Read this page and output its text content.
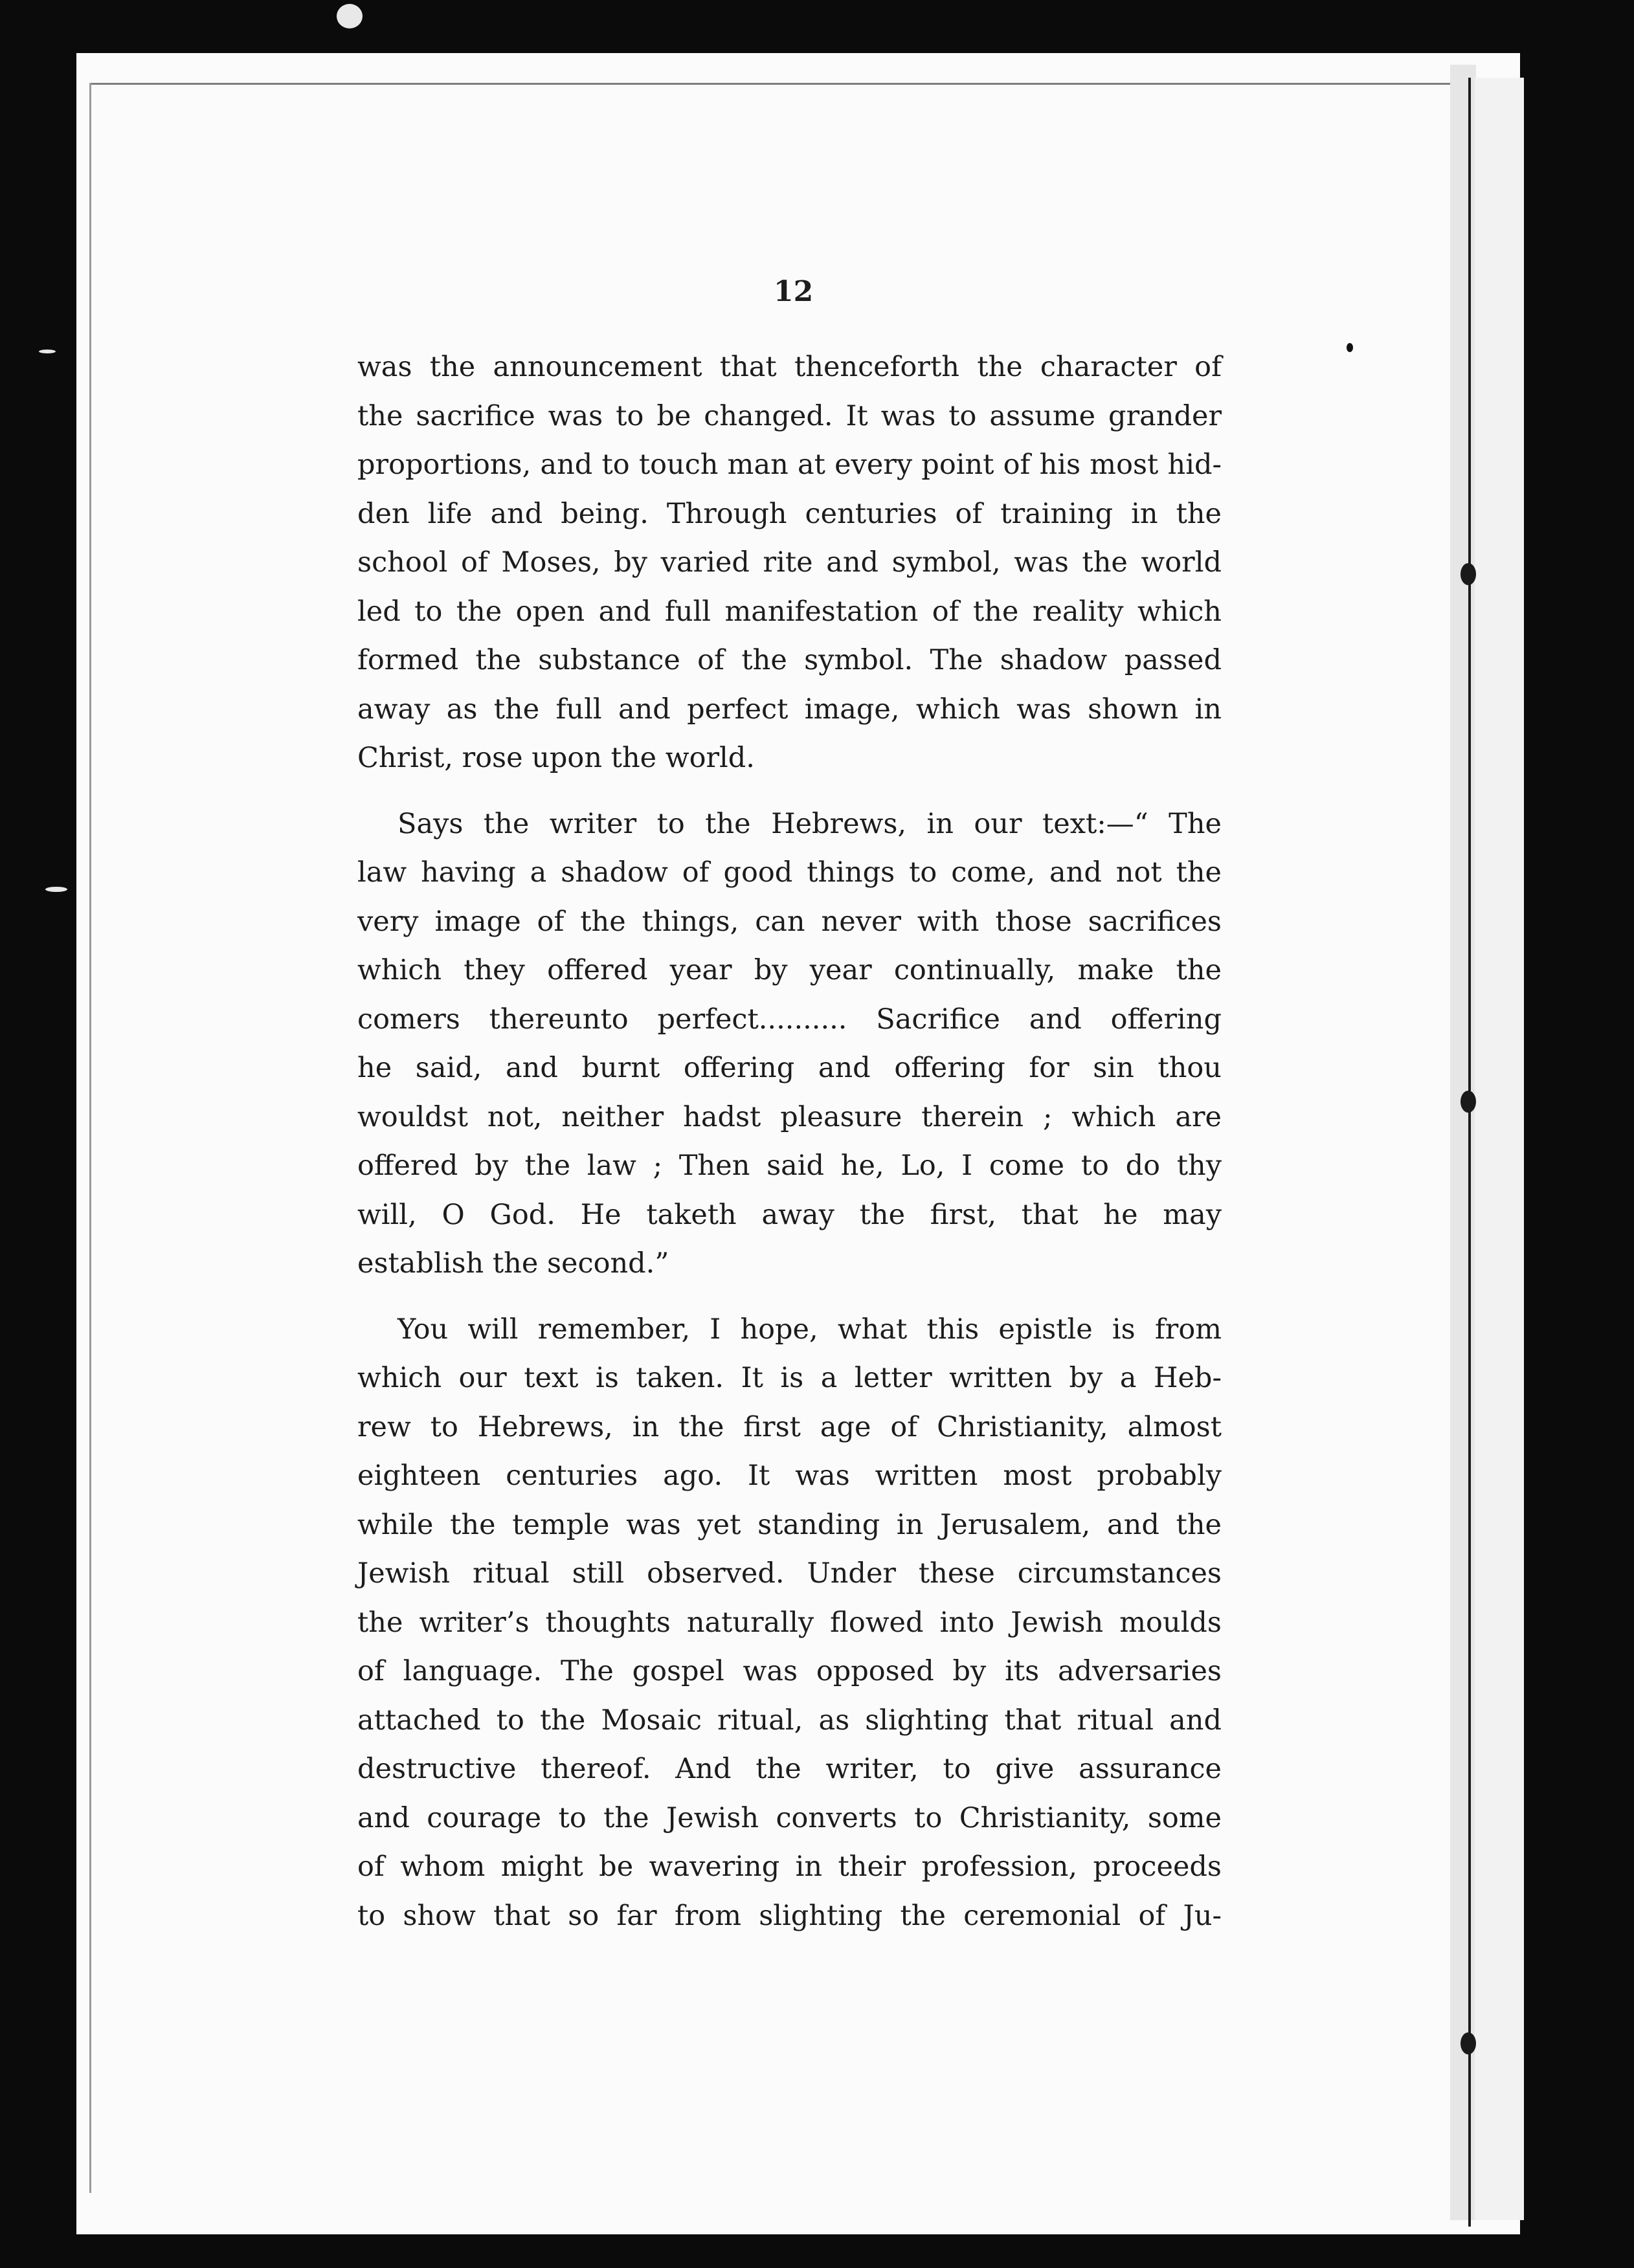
12
was the announcement that thenceforth the character of
the sacrifice was to be changed. It was to assume grander
proportions, and to touch man at every point of his most hid-
den life and being. Through centuries of training in the
school of Moses, by varied rite and symbol, was the world
led to the open and full manifestation of the reality which
formed the substance of the symbol. The shadow passed
away as the full and perfect image, which was shown in
Christ, rose upon the world.
Says the writer to the Hebrews, in our text:—“ The
law having a shadow of good things to come, and not the
very image of the things, can never with those sacrifices
which they offered year by year continually, make the
comers thereunto perfect.......... Sacrifice and offering
he said, and burnt offering and offering for sin thou
wouldst not, neither hadst pleasure therein ; which are
offered by the law ; Then said he, Lo, I come to do thy
will, O God. He taketh away the first, that he may
establish the second.”
You will remember, I hope, what this epistle is from
which our text is taken. It is a letter written by a Heb-
rew to Hebrews, in the first age of Christianity, almost
eighteen centuries ago. It was written most probably
while the temple was yet standing in Jerusalem, and the
Jewish ritual still observed. Under these circumstances
the writer’s thoughts naturally flowed into Jewish moulds
of language. The gospel was opposed by its adversaries
attached to the Mosaic ritual, as slighting that ritual and
destructive thereof. And the writer, to give assurance
and courage to the Jewish converts to Christianity, some
of whom might be wavering in their profession, proceeds
to show that so far from slighting the ceremonial of Ju-
